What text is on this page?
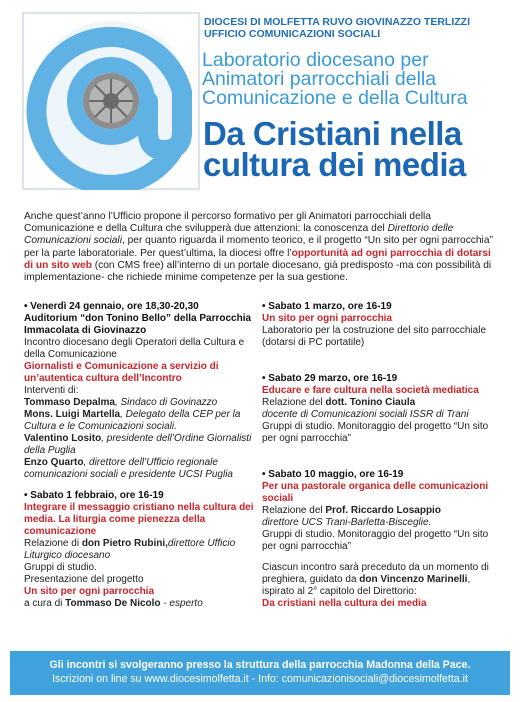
DIOCESI DI MOLFETTA RUVO GIOVINAZZO TERLIZZI
UFFICIO COMUNICAZIONI SOCIALI
Laboratorio diocesano per
Animatori parrocchiali della
Comunicazione e della Cultura
Da Cristiani nella
cultura dei media
Anche quest’anno l’Ufficio propone il percorso formativo per gli Animatori parrocchiali della Comunicazione e della Cultura che svilupperà due attenzioni: la conoscenza del Direttorio delle Comunicazioni sociali, per quanto riguarda il momento teorico, e il progetto “Un sito per ogni parrocchia” per la parte laboratoriale. Per quest’ultima, la diocesi offre l’opportunità ad ogni parrocchia di dotarsi di un sito web (con CMS free) all’interno di un portale diocesano, già predisposto -ma con possibilità di implementazione- che richiede minime competenze per la sua gestione.
• Venerdì 24 gennaio, ore 18,30-20,30
Auditorium “don Tonino Bello” della Parrocchia
Immacolata di Giovinazzo
Incontro diocesano degli Operatori della Cultura e della Comunicazione
Giornalisti e Comunicazione a servizio di un’autentica cultura dell’Incontro
Interventi di:
Tommaso Depalma, Sindaco di Govinazzo
Mons. Luigi Martella, Delegato della CEP per la Cultura e le Comunicazioni sociali.
Valentino Losito, presidente dell’Ordine Giornalisti della Puglia
Enzo Quarto, direttore dell’Ufficio regionale comunicazioni sociali e presidente UCSI Puglia
• Sabato 1 febbraio, ore 16-19
Integrare il messaggio cristiano nella cultura dei media. La liturgia come pienezza della comunicazione
Relazione di don Pietro Rubini,direttore Ufficio Liturgico diocesano
Gruppi di studio.
Presentazione del progetto
Un sito per ogni parrocchia
a cura di Tommaso De Nicolo - esperto
• Sabato 1 marzo, ore 16-19
Un sito per ogni parrocchia
Laboratorio per la costruzione del sito parrocchiale (dotarsi di PC portatile)
• Sabato 29 marzo, ore 16-19
Educare e fare cultura nella società mediatica
Relazione del dott. Tonino Ciaula
docente di Comunicazioni sociali ISSR di Trani
Gruppi di studio. Monitoraggio del progetto “Un sito per ogni parrocchia”
• Sabato 10 maggio, ore 16-19
Per una pastorale organica delle comunicazioni sociali
Relazione del Prof. Riccardo Losappio
direttore UCS Trani-Barletta-Bisceglie.
Gruppi di studio. Monitoraggio del progetto “Un sito per ogni parrocchia”
Ciascun incontro sarà preceduto da un momento di preghiera, guidato da don Vincenzo Marinelli, ispirato al 2° capitolo del Direttorio:
Da cristiani nella cultura dei media
Gli incontri si svolgeranno presso la struttura della parrocchia Madonna della Pace.
Iscrizioni on line su www.diocesimolfetta.it - Info: comunicazionisociali@diocesimolfetta.it
